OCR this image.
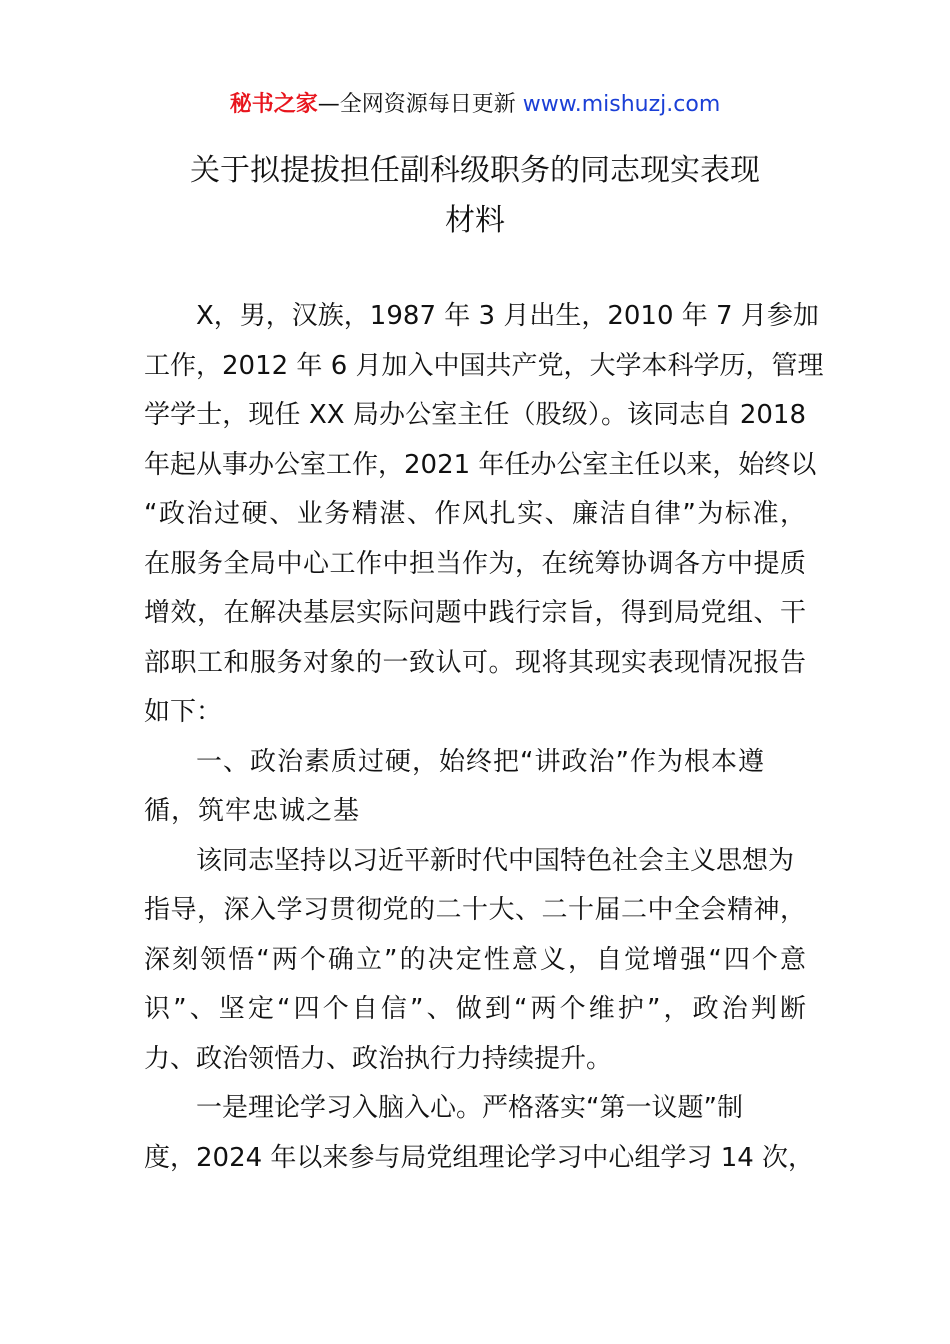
秘书之家—全网资源每日更新 www.mishuzj.com
关于拟提拔担任副科级职务的同志现实表现
材料

X，男，汉族，1987 年 3 月出生，2010 年 7 月参加
工作，2012 年 6 月加入中国共产党，大学本科学历，管理
学学士，现任 XX 局办公室主任（股级）。该同志自 2018
年起从事办公室工作，2021 年任办公室主任以来，始终以
“政治过硬、业务精湛、作风扎实、廉洁自律”为标准，
在服务全局中心工作中担当作为，在统筹协调各方中提质
增效，在解决基层实际问题中践行宗旨，得到局党组、干
部职工和服务对象的一致认可。现将其现实表现情况报告
如下：

一、政治素质过硬，始终把“讲政治”作为根本遵
循，筑牢忠诚之基

该同志坚持以习近平新时代中国特色社会主义思想为
指导，深入学习贯彻党的二十大、二十届二中全会精神，
深刻领悟“两个确立”的决定性意义，自觉增强“四个意
识”、坚定“四个自信”、做到“两个维护”，政治判断
力、政治领悟力、政治执行力持续提升。

一是理论学习入脑入心。严格落实“第一议题”制
度，2024 年以来参与局党组理论学习中心组学习 14 次，
